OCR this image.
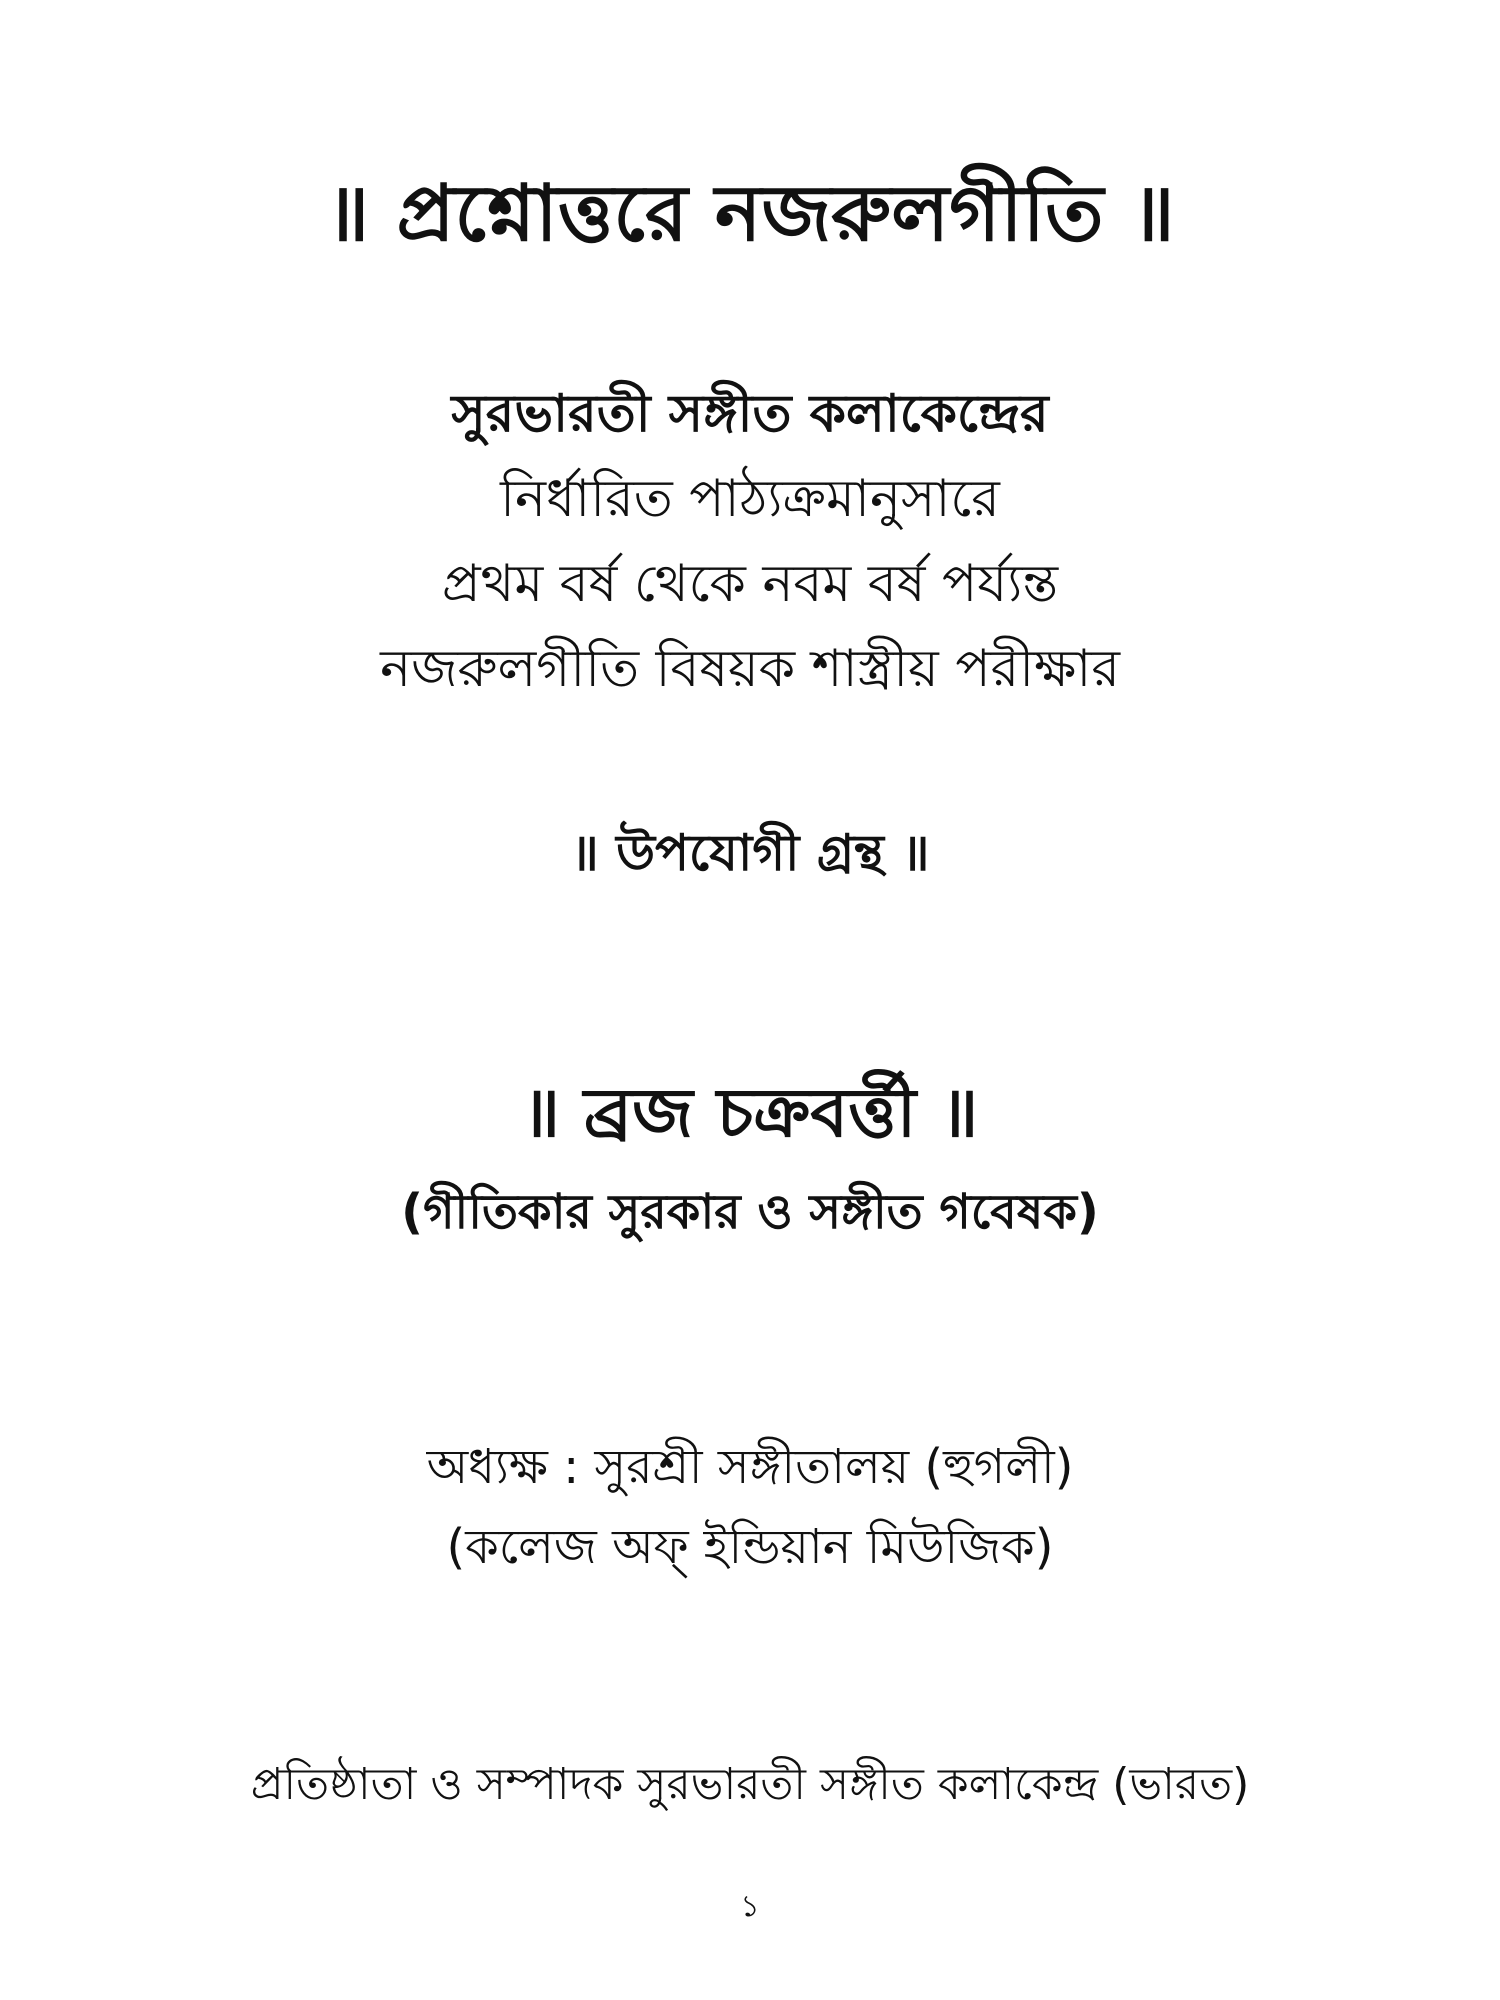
॥ প্রশ্নোত্তরে নজরুলগীতি ॥
সুরভারতী সঙ্গীত কলাকেন্দ্রের
নির্ধারিত পাঠ্যক্রমানুসারে
প্রথম বর্ষ থেকে নবম বর্ষ পর্য্যন্ত
নজরুলগীতি বিষয়ক শাস্ত্রীয় পরীক্ষার
॥ উপযোগী গ্রন্থ ॥
॥ ব্রজ চক্রবর্ত্তী ॥
(গীতিকার সুরকার ও সঙ্গীত গবেষক)
অধ্যক্ষ : সুরশ্রী সঙ্গীতালয় (হুগলী)
(কলেজ অফ্ ইন্ডিয়ান মিউজিক)
প্রতিষ্ঠাতা ও সম্পাদক সুরভারতী সঙ্গীত কলাকেন্দ্র (ভারত)
১
